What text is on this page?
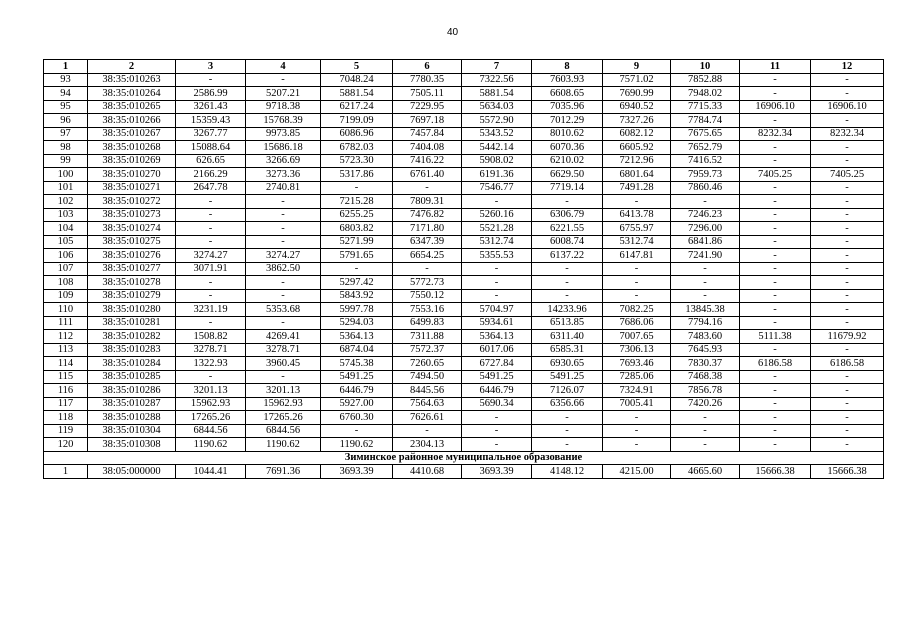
40
1	2	3	4	5	6	7	8	9	10	11	12
93	38:35:010263	-	-	7048.24	7780.35	7322.56	7603.93	7571.02	7852.88	-	-
94	38:35:010264	2586.99	5207.21	5881.54	7505.11	5881.54	6608.65	7690.99	7948.02	-	-
95	38:35:010265	3261.43	9718.38	6217.24	7229.95	5634.03	7035.96	6940.52	7715.33	16906.10	16906.10
96	38:35:010266	15359.43	15768.39	7199.09	7697.18	5572.90	7012.29	7327.26	7784.74	-	-
97	38:35:010267	3267.77	9973.85	6086.96	7457.84	5343.52	8010.62	6082.12	7675.65	8232.34	8232.34
98	38:35:010268	15088.64	15686.18	6782.03	7404.08	5442.14	6070.36	6605.92	7652.79	-	-
99	38:35:010269	626.65	3266.69	5723.30	7416.22	5908.02	6210.02	7212.96	7416.52	-	-
100	38:35:010270	2166.29	3273.36	5317.86	6761.40	6191.36	6629.50	6801.64	7959.73	7405.25	7405.25
101	38:35:010271	2647.78	2740.81	-	-	7546.77	7719.14	7491.28	7860.46	-	-
102	38:35:010272	-	-	7215.28	7809.31	-	-	-	-	-	-
103	38:35:010273	-	-	6255.25	7476.82	5260.16	6306.79	6413.78	7246.23	-	-
104	38:35:010274	-	-	6803.82	7171.80	5521.28	6221.55	6755.97	7296.00	-	-
105	38:35:010275	-	-	5271.99	6347.39	5312.74	6008.74	5312.74	6841.86	-	-
106	38:35:010276	3274.27	3274.27	5791.65	6654.25	5355.53	6137.22	6147.81	7241.90	-	-
107	38:35:010277	3071.91	3862.50	-	-	-	-	-	-	-	-
108	38:35:010278	-	-	5297.42	5772.73	-	-	-	-	-	-
109	38:35:010279	-	-	5843.92	7550.12	-	-	-	-	-	-
110	38:35:010280	3231.19	5353.68	5997.78	7553.16	5704.97	14233.96	7082.25	13845.38	-	-
111	38:35:010281	-	-	5294.03	6499.83	5934.61	6513.85	7686.06	7794.16	-	-
112	38:35:010282	1508.82	4269.41	5364.13	7311.88	5364.13	6311.40	7007.65	7483.60	5111.38	11679.92
113	38:35:010283	3278.71	3278.71	6874.04	7572.37	6017.06	6585.31	7306.13	7645.93	-	-
114	38:35:010284	1322.93	3960.45	5745.38	7260.65	6727.84	6930.65	7693.46	7830.37	6186.58	6186.58
115	38:35:010285	-	-	5491.25	7494.50	5491.25	5491.25	7285.06	7468.38	-	-
116	38:35:010286	3201.13	3201.13	6446.79	8445.56	6446.79	7126.07	7324.91	7856.78	-	-
117	38:35:010287	15962.93	15962.93	5927.00	7564.63	5690.34	6356.66	7005.41	7420.26	-	-
118	38:35:010288	17265.26	17265.26	6760.30	7626.61	-	-	-	-	-	-
119	38:35:010304	6844.56	6844.56	-	-	-	-	-	-	-	-
120	38:35:010308	1190.62	1190.62	1190.62	2304.13	-	-	-	-	-	-
Зиминское районное муниципальное образование											
1	38:05:000000	1044.41	7691.36	3693.39	4410.68	3693.39	4148.12	4215.00	4665.60	15666.38	15666.38
